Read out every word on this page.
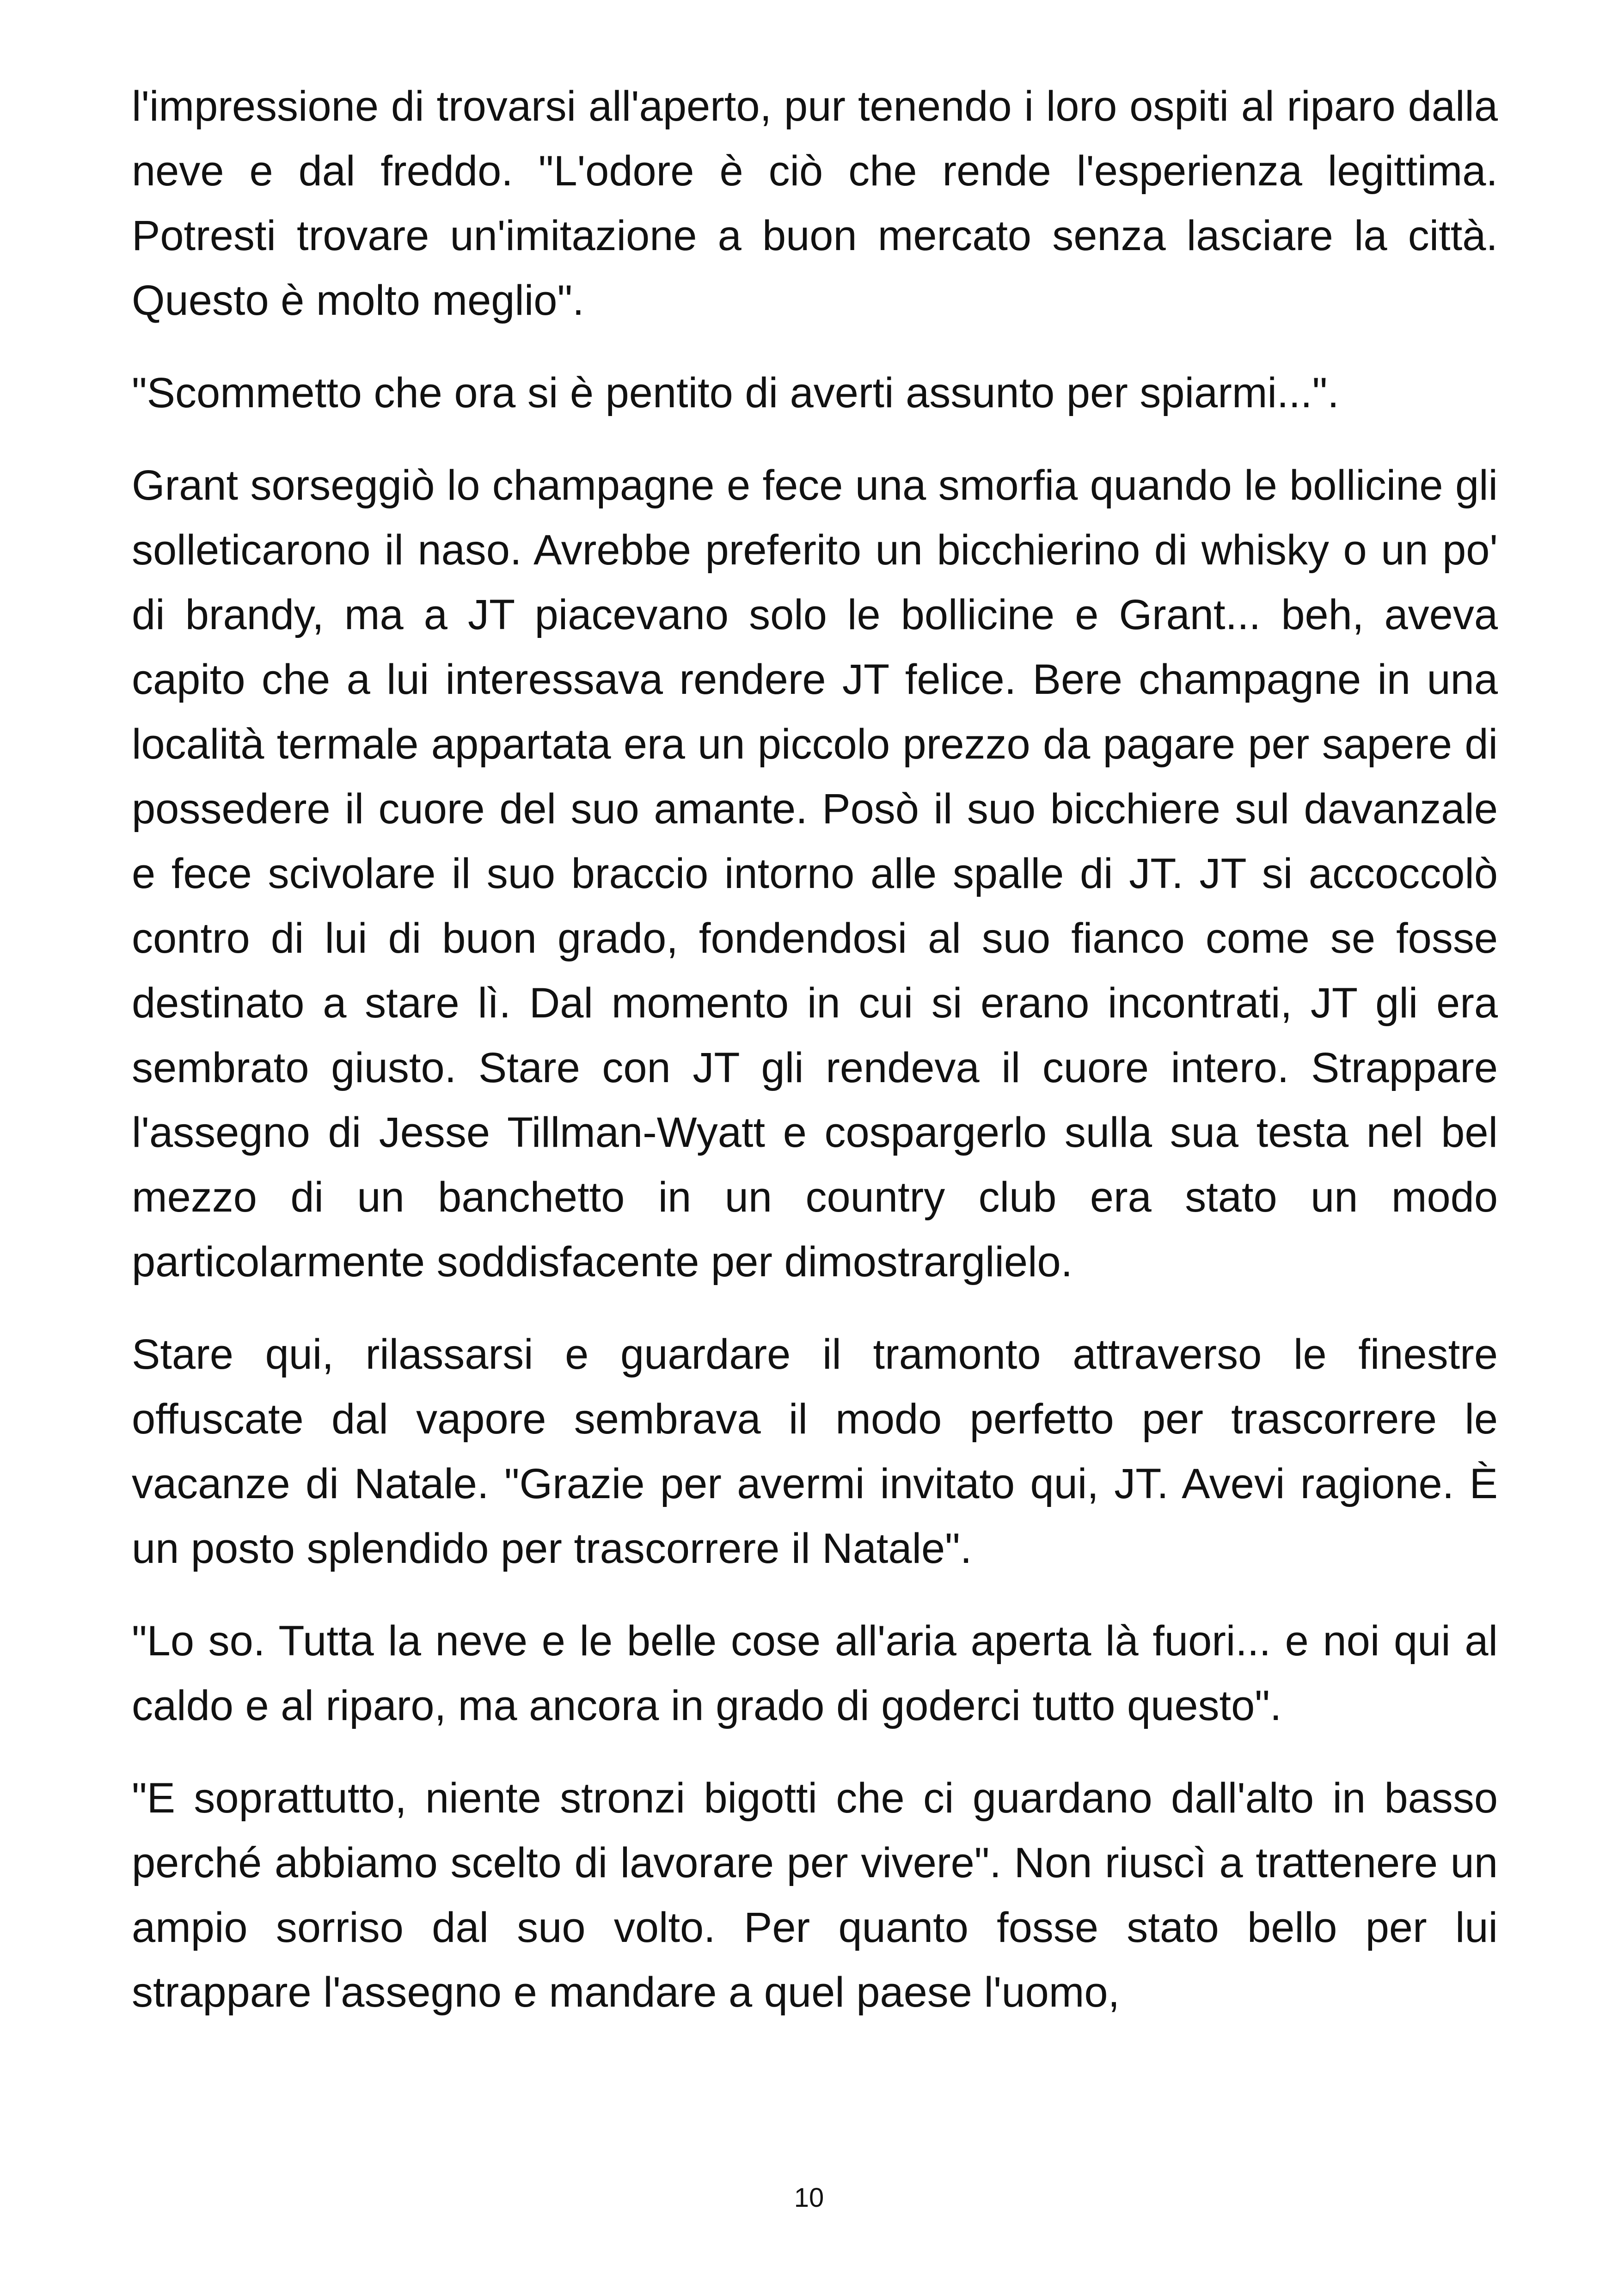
l'impressione di trovarsi all'aperto, pur tenendo i loro ospiti al riparo dalla neve e dal freddo. "L'odore è ciò che rende l'esperienza legittima. Potresti trovare un'imitazione a buon mercato senza lasciare la città. Questo è molto meglio".

"Scommetto che ora si è pentito di averti assunto per spiarmi...".

Grant sorseggiò lo champagne e fece una smorfia quando le bollicine gli solleticarono il naso. Avrebbe preferito un bicchierino di whisky o un po' di brandy, ma a JT piacevano solo le bollicine e Grant... beh, aveva capito che a lui interessava rendere JT felice. Bere champagne in una località termale appartata era un piccolo prezzo da pagare per sapere di possedere il cuore del suo amante. Posò il suo bicchiere sul davanzale e fece scivolare il suo braccio intorno alle spalle di JT. JT si accoccolò contro di lui di buon grado, fondendosi al suo fianco come se fosse destinato a stare lì. Dal momento in cui si erano incontrati, JT gli era sembrato giusto. Stare con JT gli rendeva il cuore intero. Strappare l'assegno di Jesse Tillman-Wyatt e cospargerlo sulla sua testa nel bel mezzo di un banchetto in un country club era stato un modo particolarmente soddisfacente per dimostrarglielo.

Stare qui, rilassarsi e guardare il tramonto attraverso le finestre offuscate dal vapore sembrava il modo perfetto per trascorrere le vacanze di Natale. "Grazie per avermi invitato qui, JT. Avevi ragione. È un posto splendido per trascorrere il Natale".

"Lo so. Tutta la neve e le belle cose all'aria aperta là fuori... e noi qui al caldo e al riparo, ma ancora in grado di goderci tutto questo".

"E soprattutto, niente stronzi bigotti che ci guardano dall'alto in basso perché abbiamo scelto di lavorare per vivere". Non riuscì a trattenere un ampio sorriso dal suo volto. Per quanto fosse stato bello per lui strappare l'assegno e mandare a quel paese l'uomo,

10
